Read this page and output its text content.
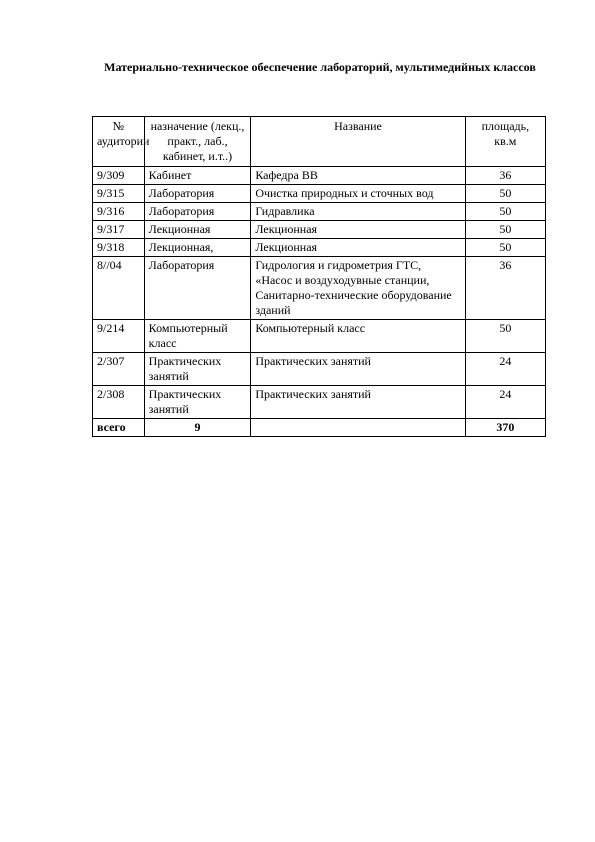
Материально-техническое обеспечение лабораторий, мультимедийных классов
№ аудитории	назначение (лекц., практ., лаб., кабинет, и.т..)	Название	площадь, кв.м
9/309	Кабинет	Кафедра ВВ	36
9/315	Лаборатория	Очистка природных и сточных вод	50
9/316	Лаборатория	Гидравлика	50
9/317	Лекционная	Лекционная	50
9/318	Лекционная,	Лекционная	50
8//04	Лаборатория	Гидрология и гидрометрия ГТС, «Насос и воздуходувные станции, Санитарно-технические оборудование зданий	36
9/214	Компьютерный класс	Компьютерный класс	50
2/307	Практических занятий	Практических занятий	24
2/308	Практических занятий	Практических занятий	24
всего	9		370
